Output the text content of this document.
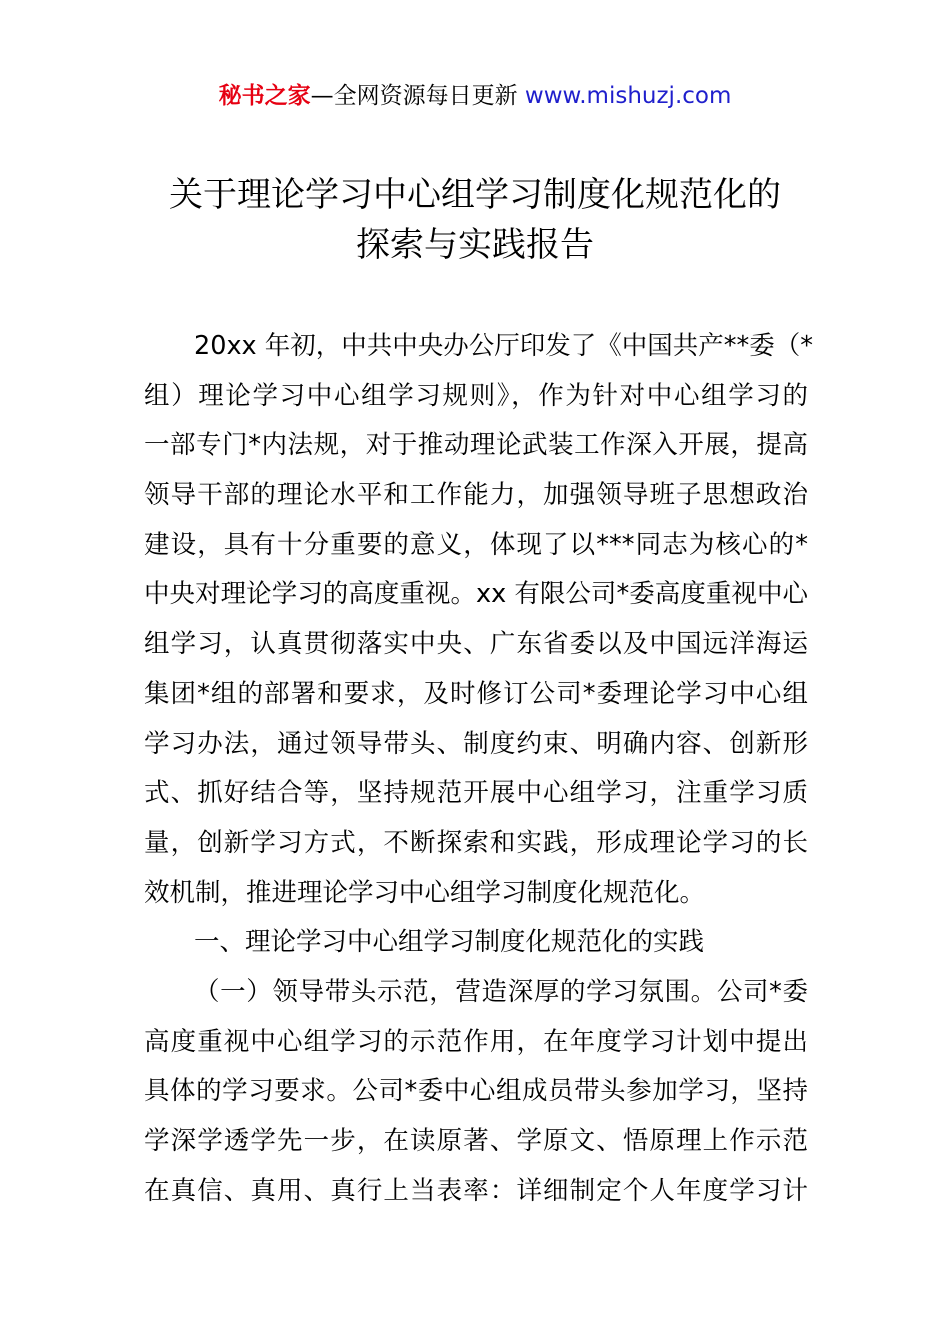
秘书之家—全网资源每日更新 www.mishuzj.com
关于理论学习中心组学习制度化规范化的
探索与实践报告
20xx 年初，中共中央办公厅印发了《中国共产**委（*
组）理论学习中心组学习规则》，作为针对中心组学习的
一部专门*内法规，对于推动理论武装工作深入开展，提高
领导干部的理论水平和工作能力，加强领导班子思想政治
建设，具有十分重要的意义，体现了以***同志为核心的*
中央对理论学习的高度重视。xx 有限公司*委高度重视中心
组学习，认真贯彻落实中央、广东省委以及中国远洋海运
集团*组的部署和要求，及时修订公司*委理论学习中心组
学习办法，通过领导带头、制度约束、明确内容、创新形
式、抓好结合等，坚持规范开展中心组学习，注重学习质
量，创新学习方式，不断探索和实践，形成理论学习的长
效机制，推进理论学习中心组学习制度化规范化。
一、理论学习中心组学习制度化规范化的实践
（一）领导带头示范，营造深厚的学习氛围。公司*委
高度重视中心组学习的示范作用，在年度学习计划中提出
具体的学习要求。公司*委中心组成员带头参加学习，坚持
学深学透学先一步，在读原著、学原文、悟原理上作示范
在真信、真用、真行上当表率：详细制定个人年度学习计
